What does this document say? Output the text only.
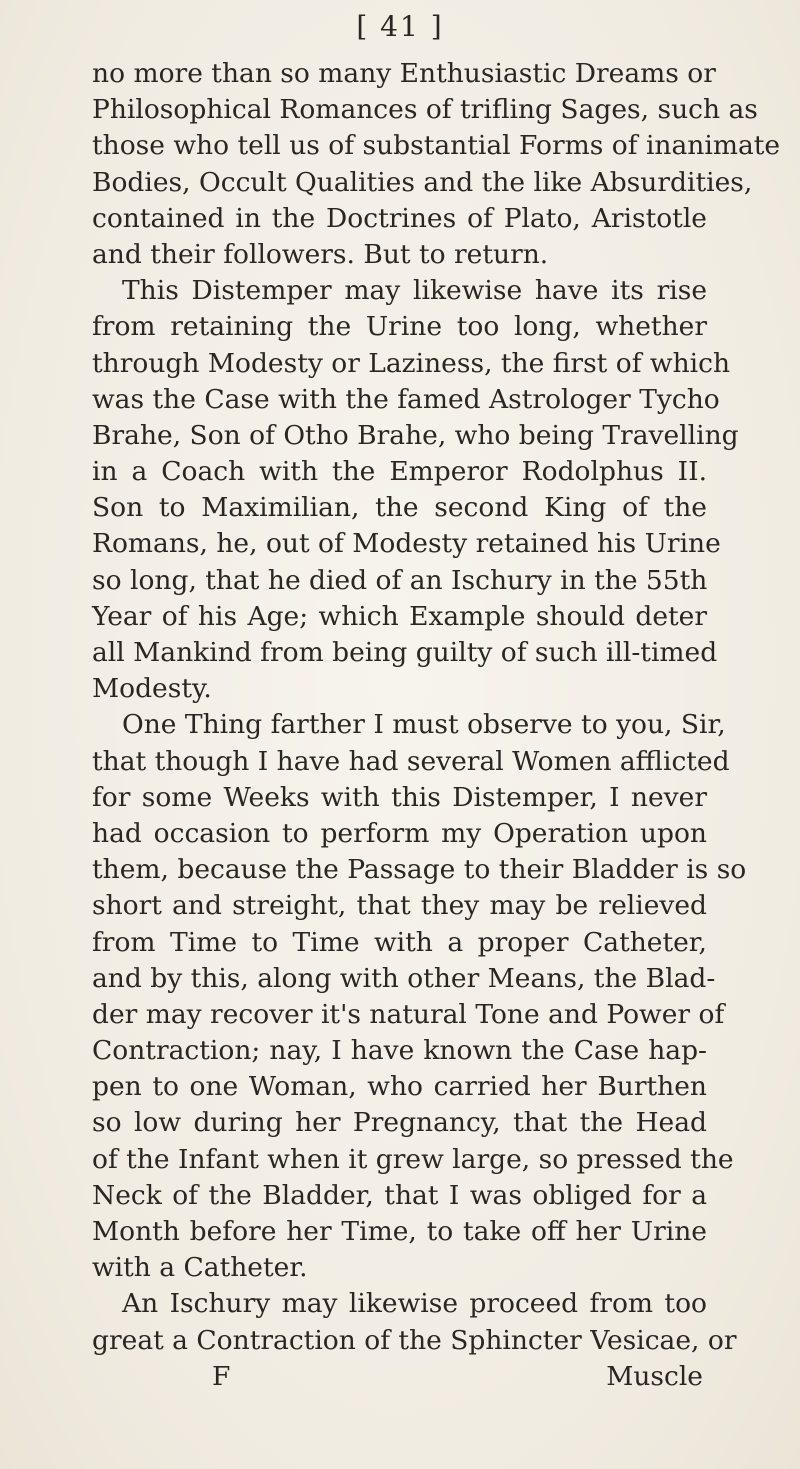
[ 41 ]
no more than so many Enthusiastic Dreams or
Philosophical Romances of trifling Sages, such as
those who tell us of substantial Forms of inanimate
Bodies, Occult Qualities and the like Absurdities,
contained in the Doctrines of Plato, Aristotle
and their followers. But to return.
This Distemper may likewise have its rise
from retaining the Urine too long, whether
through Modesty or Laziness, the first of which
was the Case with the famed Astrologer Tycho
Brahe, Son of Otho Brahe, who being Travelling
in a Coach with the Emperor Rodolphus II.
Son to Maximilian, the second King of the
Romans, he, out of Modesty retained his Urine
so long, that he died of an Ischury in the 55th
Year of his Age; which Example should deter
all Mankind from being guilty of such ill-timed
Modesty.
One Thing farther I must observe to you, Sir,
that though I have had several Women afflicted
for some Weeks with this Distemper, I never
had occasion to perform my Operation upon
them, because the Passage to their Bladder is so
short and streight, that they may be relieved
from Time to Time with a proper Catheter,
and by this, along with other Means, the Blad-
der may recover it's natural Tone and Power of
Contraction; nay, I have known the Case hap-
pen to one Woman, who carried her Burthen
so low during her Pregnancy, that the Head
of the Infant when it grew large, so pressed the
Neck of the Bladder, that I was obliged for a
Month before her Time, to take off her Urine
with a Catheter.
An Ischury may likewise proceed from too
great a Contraction of the Sphincter Vesicae, or
F	Muscle
